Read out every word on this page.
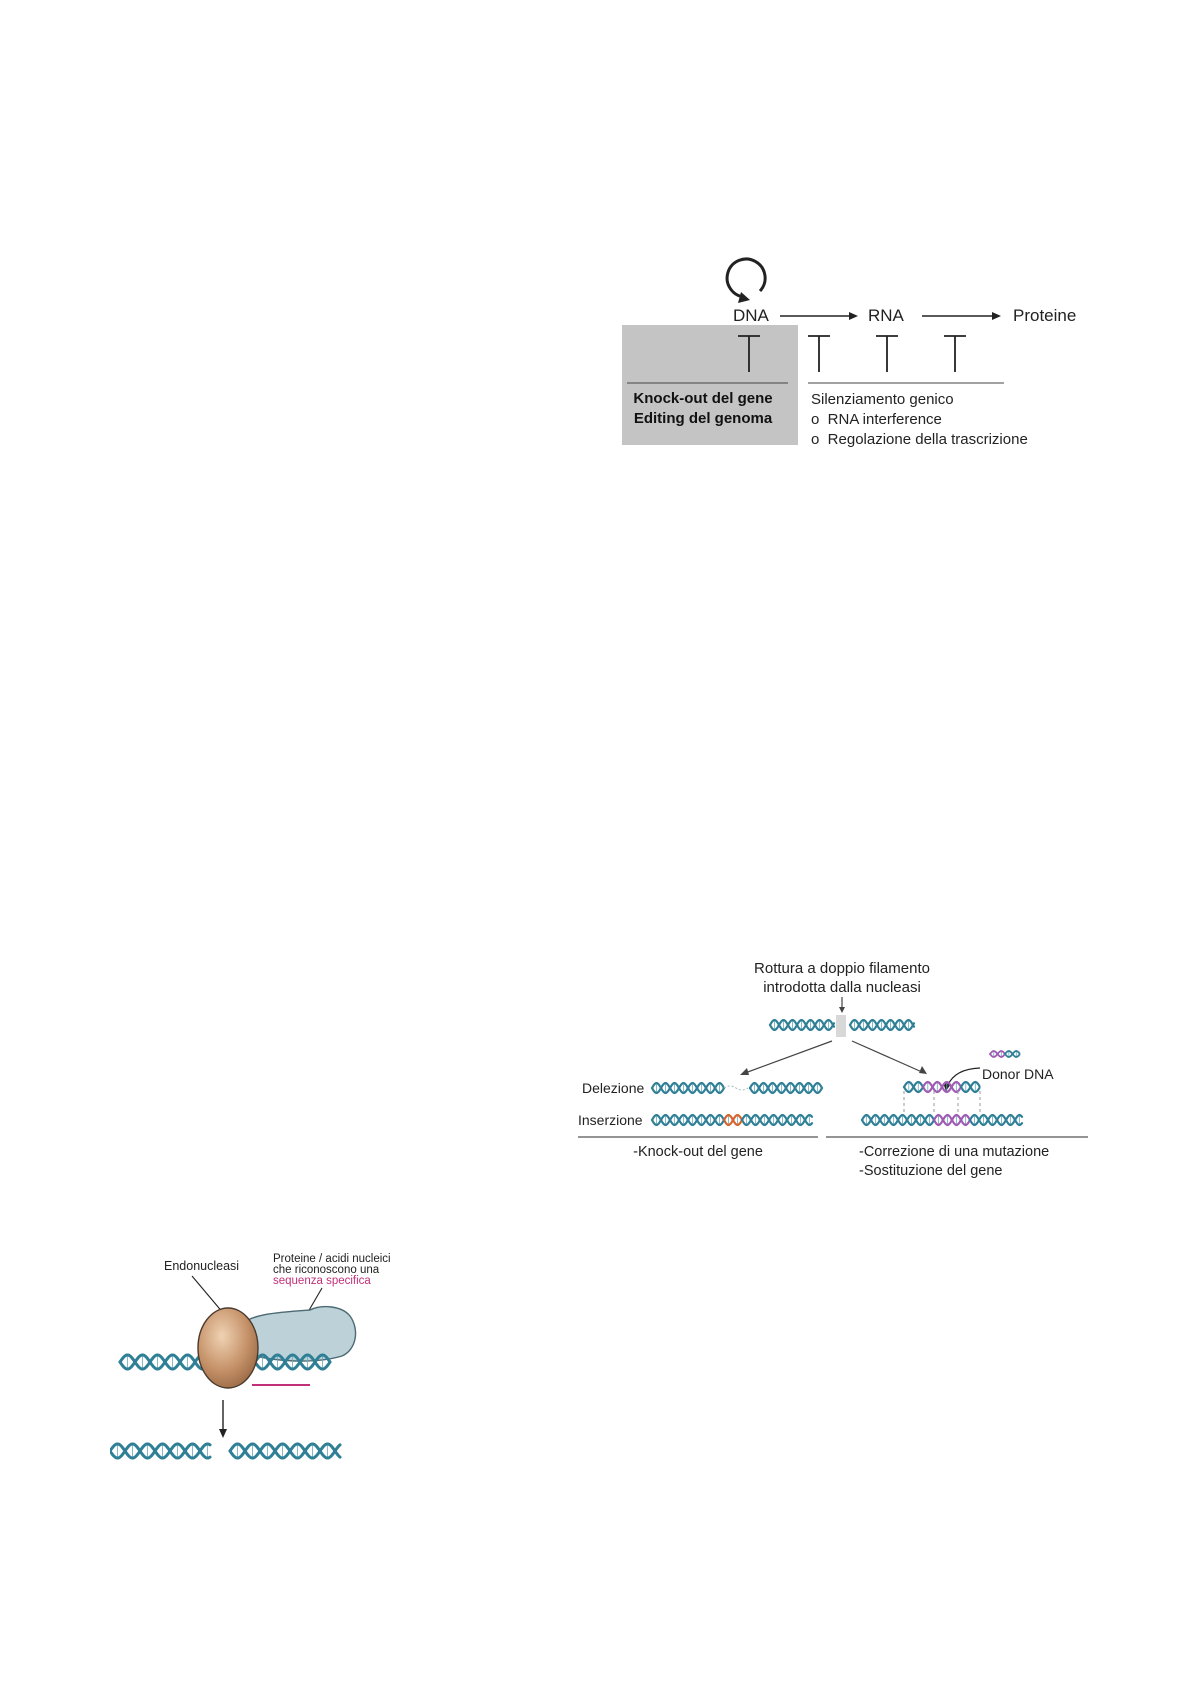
DNA	RNA	Proteine
Knock-out del gene
Editing del genoma
Silenziamento genico
o  RNA interference
o  Regolazione della trascrizione
Rottura a doppio filamento
introdotta dalla nucleasi
Delezione
Inserzione
Donor DNA
-Knock-out del gene	-Correzione di una mutazione
-Sostituzione del gene
Endonucleasi	Proteine / acidi nucleici
che riconoscono una
sequenza specifica
